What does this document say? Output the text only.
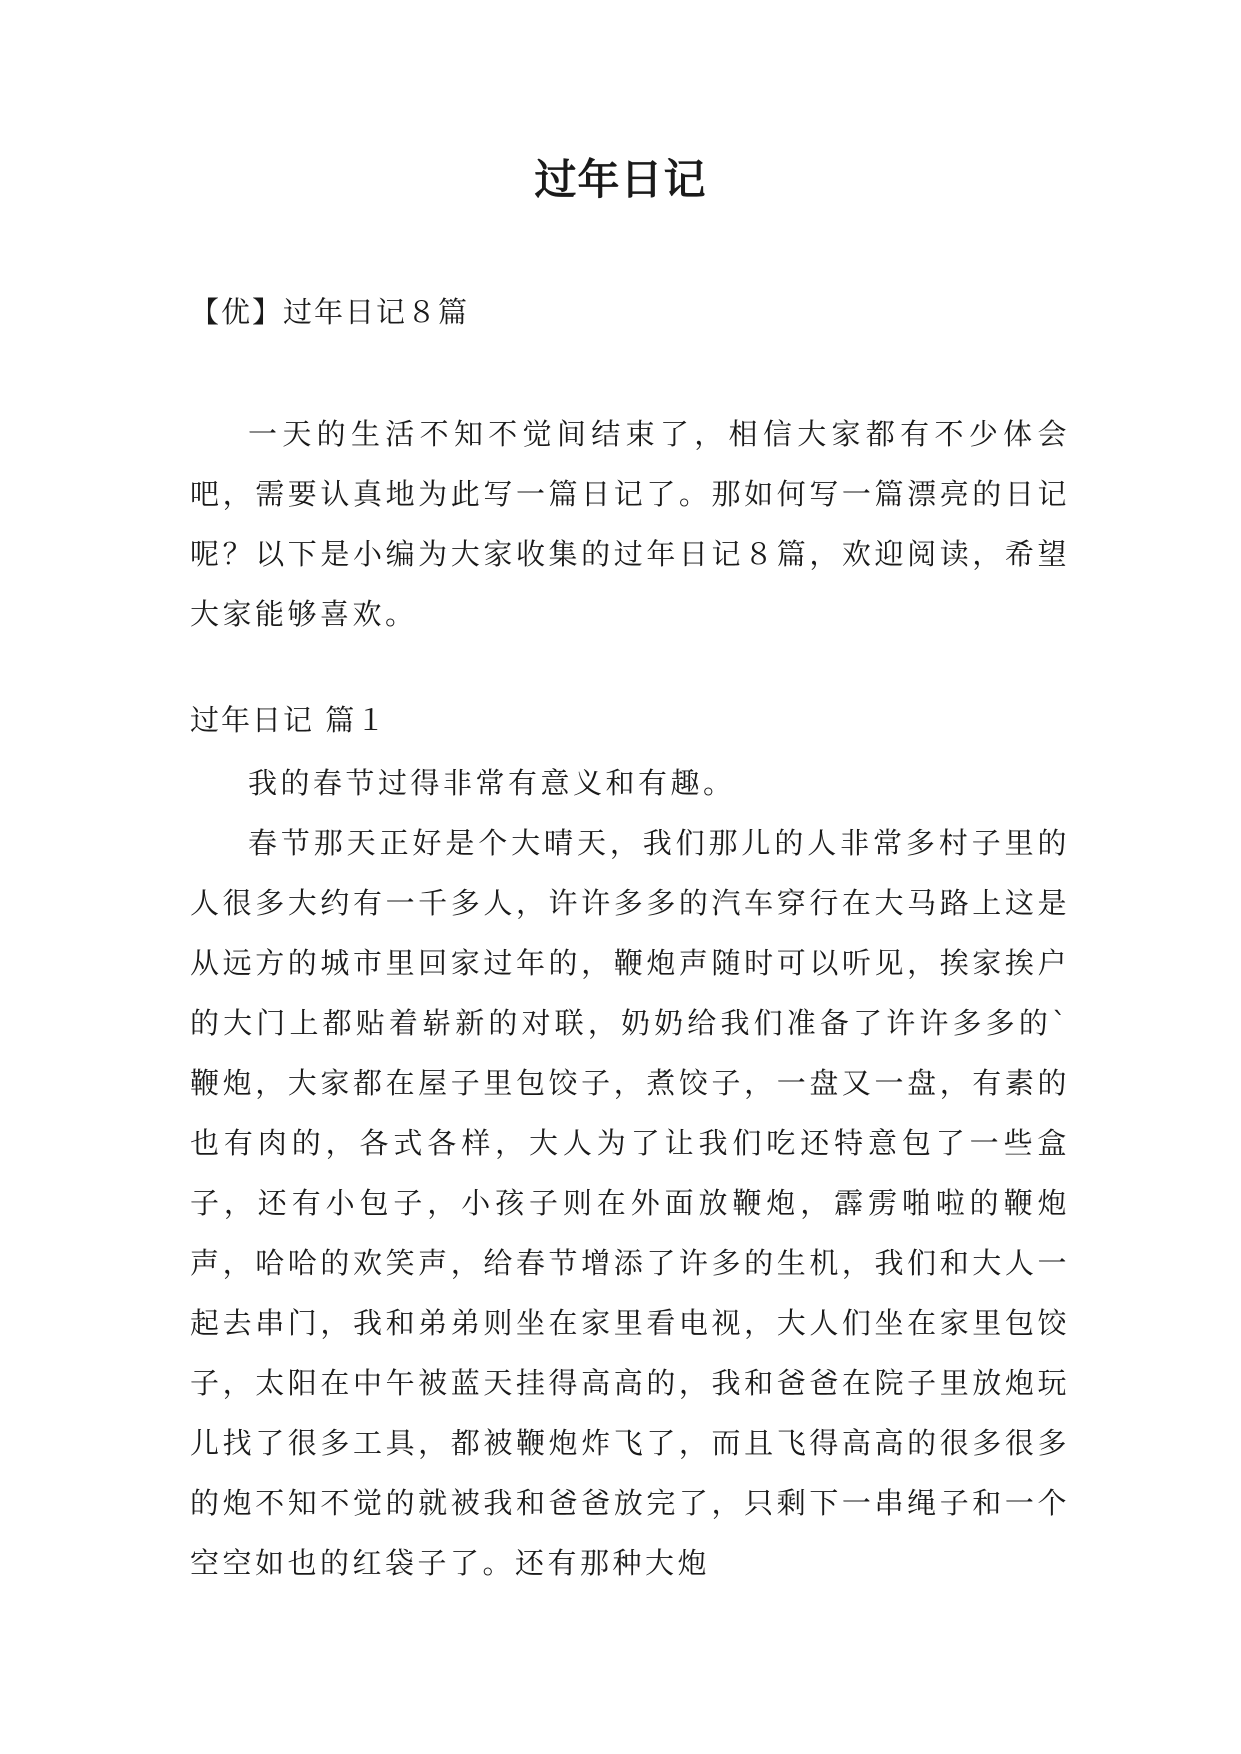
过年日记
【优】过年日记８篇

一天的生活不知不觉间结束了，相信大家都有不少体会吧，需要认真地为此写一篇日记了。那如何写一篇漂亮的日记呢？以下是小编为大家收集的过年日记８篇，欢迎阅读，希望大家能够喜欢。

过年日记 篇１

我的春节过得非常有意义和有趣。

春节那天正好是个大晴天，我们那儿的人非常多村子里的人很多大约有一千多人，许许多多的汽车穿行在大马路上这是从远方的城市里回家过年的，鞭炮声随时可以听见，挨家挨户的大门上都贴着崭新的对联，奶奶给我们准备了许许多多的`鞭炮，大家都在屋子里包饺子，煮饺子，一盘又一盘，有素的也有肉的，各式各样，大人为了让我们吃还特意包了一些盒子，还有小包子，小孩子则在外面放鞭炮，霹雳啪啦的鞭炮声，哈哈的欢笑声，给春节增添了许多的生机，我们和大人一起去串门，我和弟弟则坐在家里看电视，大人们坐在家里包饺子，太阳在中午被蓝天挂得高高的，我和爸爸在院子里放炮玩儿找了很多工具，都被鞭炮炸飞了，而且飞得高高的很多很多的炮不知不觉的就被我和爸爸放完了，只剩下一串绳子和一个空空如也的红袋子了。还有那种大炮
